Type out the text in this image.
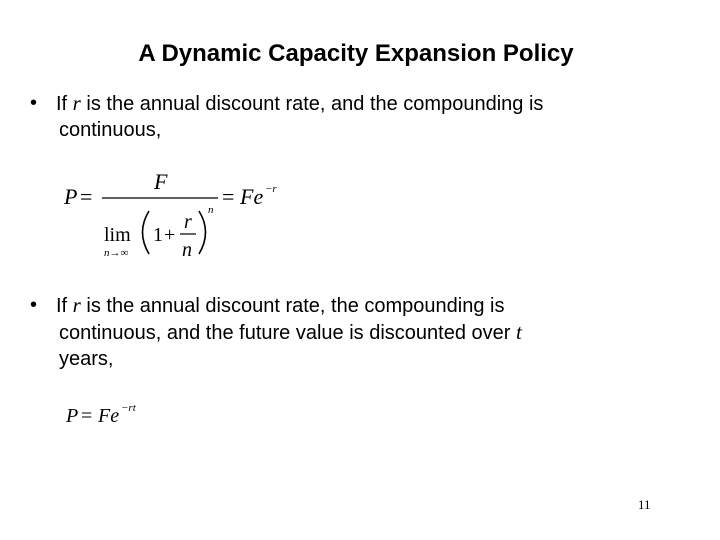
A Dynamic Capacity Expansion Policy
• If r is the annual discount rate, and the compounding is
continuous,
P =
F
lim
n→∞
1 +
r
n
n
= Fe −r
• If r is the annual discount rate, the compounding is
continuous, and the future value is discounted over t
years,
P = Fe −rt
11
